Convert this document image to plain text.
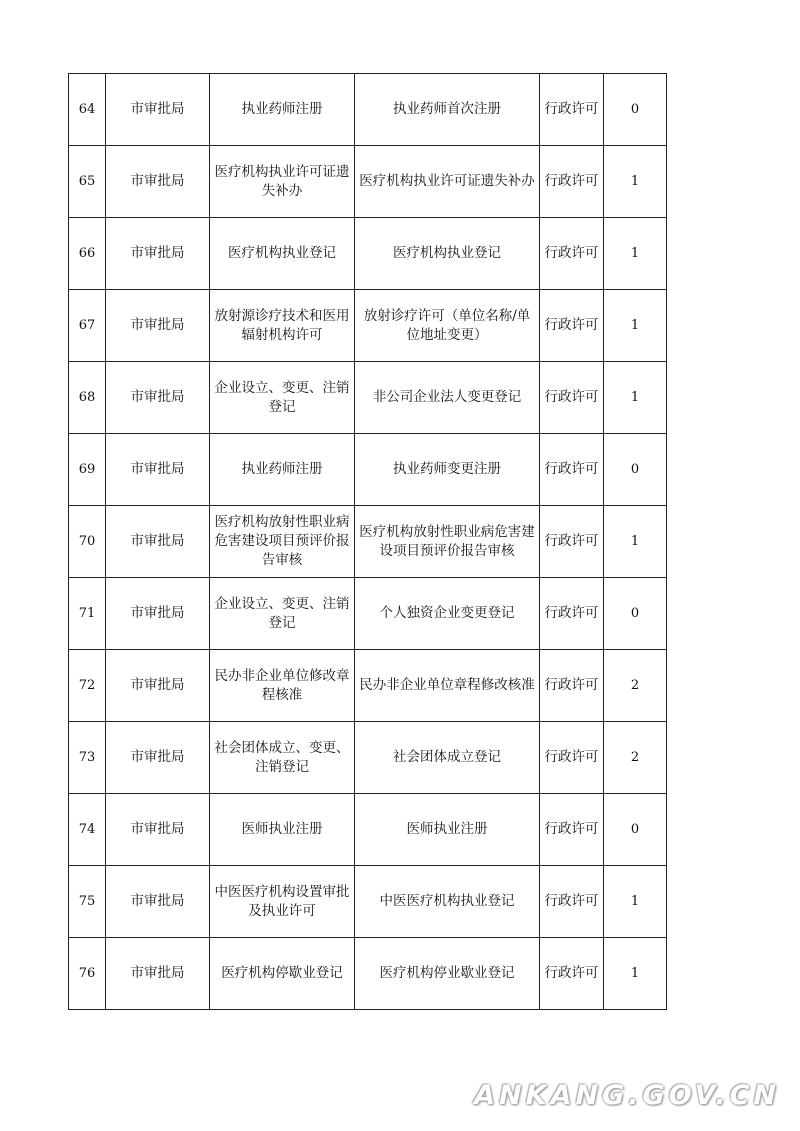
64	市审批局	执业药师注册	执业药师首次注册	行政许可	0
65	市审批局	医疗机构执业许可证遗失补办	医疗机构执业许可证遗失补办	行政许可	1
66	市审批局	医疗机构执业登记	医疗机构执业登记	行政许可	1
67	市审批局	放射源诊疗技术和医用辐射机构许可	放射诊疗许可（单位名称/单位地址变更）	行政许可	1
68	市审批局	企业设立、变更、注销登记	非公司企业法人变更登记	行政许可	1
69	市审批局	执业药师注册	执业药师变更注册	行政许可	0
70	市审批局	医疗机构放射性职业病危害建设项目预评价报告审核	医疗机构放射性职业病危害建设项目预评价报告审核	行政许可	1
71	市审批局	企业设立、变更、注销登记	个人独资企业变更登记	行政许可	0
72	市审批局	民办非企业单位修改章程核准	民办非企业单位章程修改核准	行政许可	2
73	市审批局	社会团体成立、变更、注销登记	社会团体成立登记	行政许可	2
74	市审批局	医师执业注册	医师执业注册	行政许可	0
75	市审批局	中医医疗机构设置审批及执业许可	中医医疗机构执业登记	行政许可	1
76	市审批局	医疗机构停歇业登记	医疗机构停业歇业登记	行政许可	1
ANKANG.GOV.CN
